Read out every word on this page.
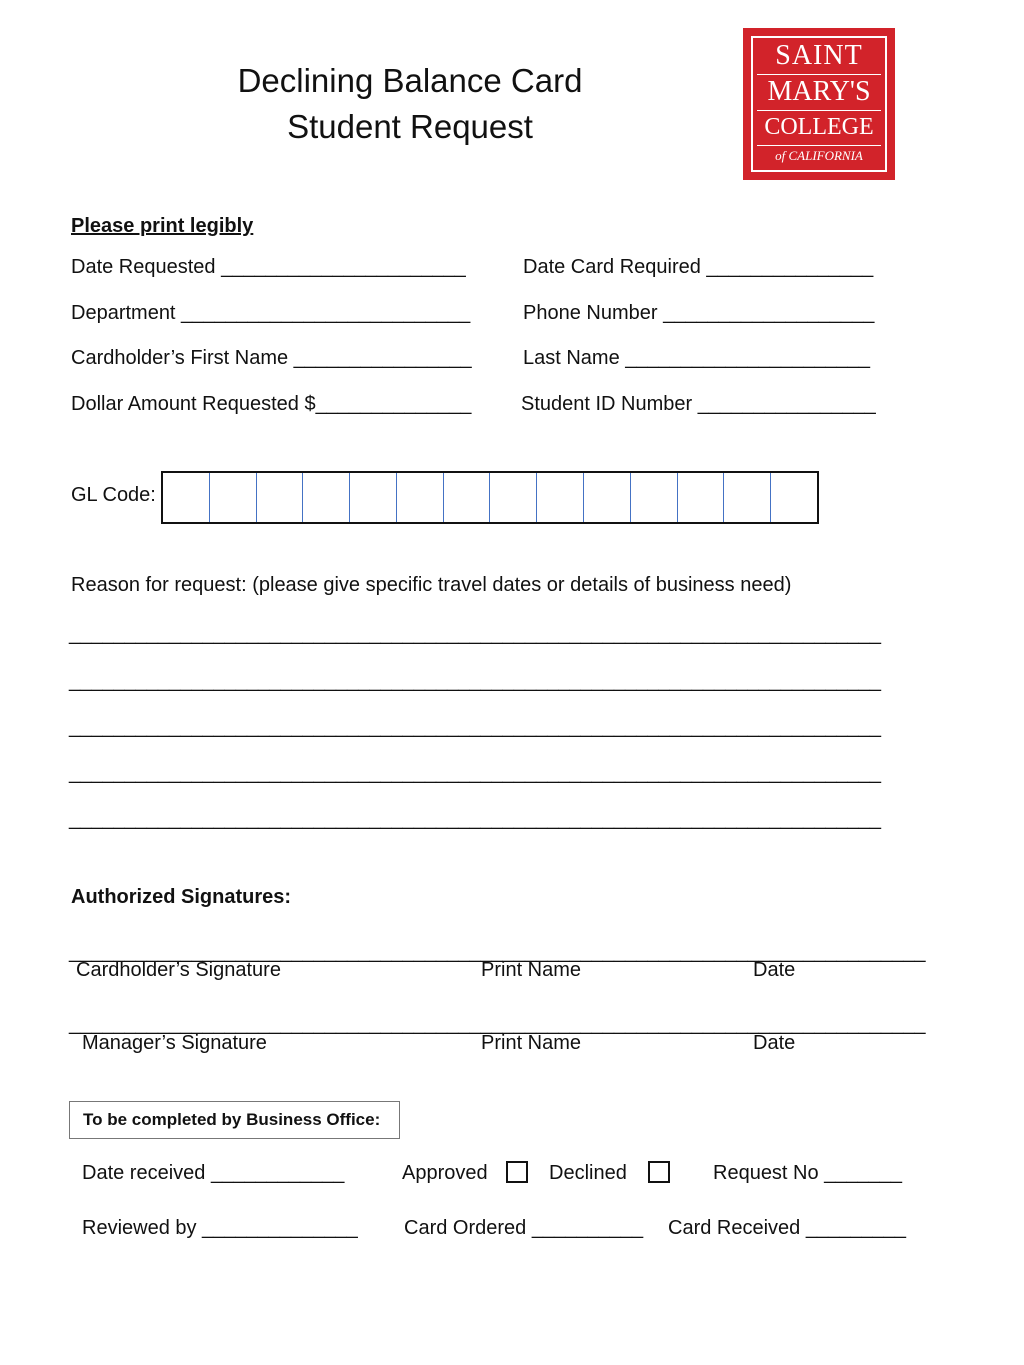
Declining Balance Card
Student Request
SAINT
MARY'S
COLLEGE
of CALIFORNIA
Please print legibly
Date Requested ______________________	Date Card Required _______________
Department __________________________	Phone Number ___________________
Cardholder’s First Name ________________	Last Name ______________________
Dollar Amount Requested $______________ Student ID Number ________________
GL Code:
Reason for request: (please give specific travel dates or details of business need)
_________________________________________________________________________
_________________________________________________________________________
_________________________________________________________________________
_________________________________________________________________________
_________________________________________________________________________
Authorized Signatures:
_____________________________________________________________________________
Cardholder’s Signature	Print Name	Date
_____________________________________________________________________________
Manager’s Signature	Print Name	Date
To be completed by Business Office:
Date received ____________	Approved	Declined	Request No _______
Reviewed by ______________ Card Ordered __________ Card Received _________
